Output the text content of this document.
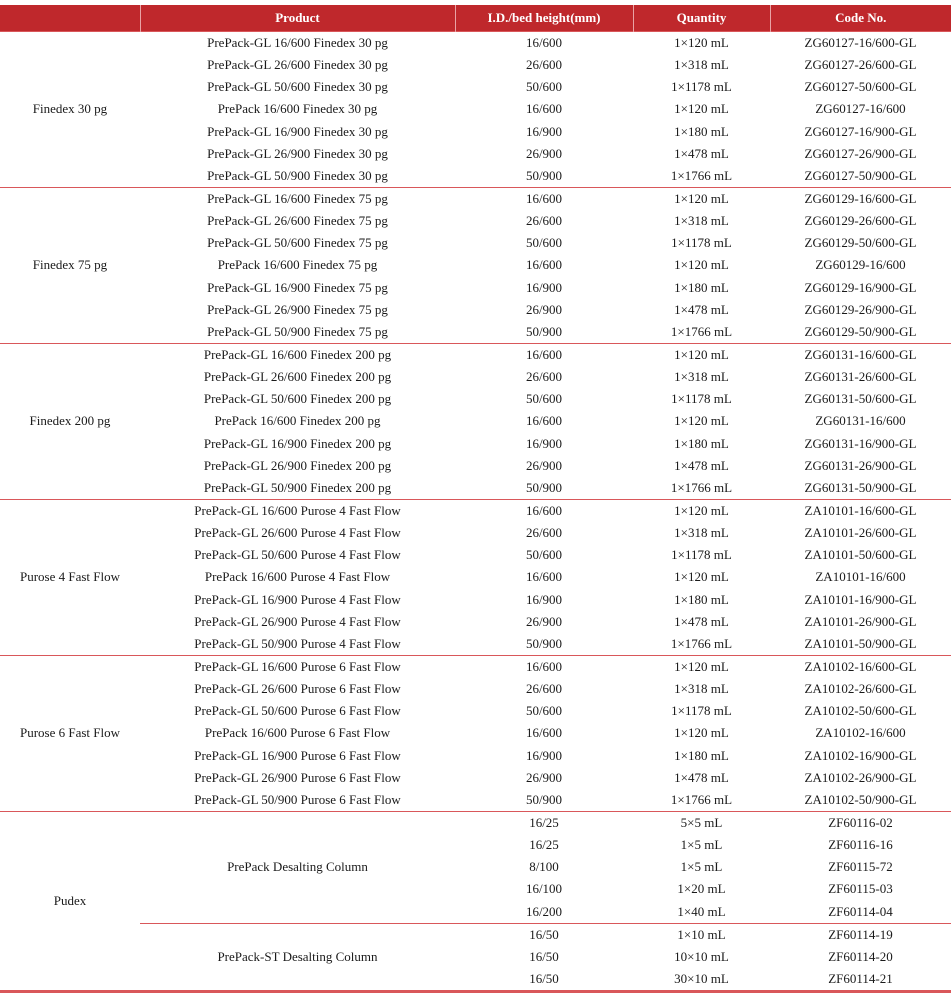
	Product	I.D./bed height(mm)	Quantity	Code No.
Finedex 30 pg	PrePack-GL 16/600 Finedex 30 pg	16/600	1×120 mL	ZG60127-16/600-GL
	PrePack-GL 26/600 Finedex 30 pg	26/600	1×318 mL	ZG60127-26/600-GL
	PrePack-GL 50/600 Finedex 30 pg	50/600	1×1178 mL	ZG60127-50/600-GL
	PrePack 16/600 Finedex 30 pg	16/600	1×120 mL	ZG60127-16/600
	PrePack-GL 16/900 Finedex 30 pg	16/900	1×180 mL	ZG60127-16/900-GL
	PrePack-GL 26/900 Finedex 30 pg	26/900	1×478 mL	ZG60127-26/900-GL
	PrePack-GL 50/900 Finedex 30 pg	50/900	1×1766 mL	ZG60127-50/900-GL
Finedex 75 pg	PrePack-GL 16/600 Finedex 75 pg	16/600	1×120 mL	ZG60129-16/600-GL
	PrePack-GL 26/600 Finedex 75 pg	26/600	1×318 mL	ZG60129-26/600-GL
	PrePack-GL 50/600 Finedex 75 pg	50/600	1×1178 mL	ZG60129-50/600-GL
	PrePack 16/600 Finedex 75 pg	16/600	1×120 mL	ZG60129-16/600
	PrePack-GL 16/900 Finedex 75 pg	16/900	1×180 mL	ZG60129-16/900-GL
	PrePack-GL 26/900 Finedex 75 pg	26/900	1×478 mL	ZG60129-26/900-GL
	PrePack-GL 50/900 Finedex 75 pg	50/900	1×1766 mL	ZG60129-50/900-GL
Finedex 200 pg	PrePack-GL 16/600 Finedex 200 pg	16/600	1×120 mL	ZG60131-16/600-GL
	PrePack-GL 26/600 Finedex 200 pg	26/600	1×318 mL	ZG60131-26/600-GL
	PrePack-GL 50/600 Finedex 200 pg	50/600	1×1178 mL	ZG60131-50/600-GL
	PrePack 16/600 Finedex 200 pg	16/600	1×120 mL	ZG60131-16/600
	PrePack-GL 16/900 Finedex 200 pg	16/900	1×180 mL	ZG60131-16/900-GL
	PrePack-GL 26/900 Finedex 200 pg	26/900	1×478 mL	ZG60131-26/900-GL
	PrePack-GL 50/900 Finedex 200 pg	50/900	1×1766 mL	ZG60131-50/900-GL
Purose 4 Fast Flow	PrePack-GL 16/600 Purose 4 Fast Flow	16/600	1×120 mL	ZA10101-16/600-GL
	PrePack-GL 26/600 Purose 4 Fast Flow	26/600	1×318 mL	ZA10101-26/600-GL
	PrePack-GL 50/600 Purose 4 Fast Flow	50/600	1×1178 mL	ZA10101-50/600-GL
	PrePack 16/600 Purose 4 Fast Flow	16/600	1×120 mL	ZA10101-16/600
	PrePack-GL 16/900 Purose 4 Fast Flow	16/900	1×180 mL	ZA10101-16/900-GL
	PrePack-GL 26/900 Purose 4 Fast Flow	26/900	1×478 mL	ZA10101-26/900-GL
	PrePack-GL 50/900 Purose 4 Fast Flow	50/900	1×1766 mL	ZA10101-50/900-GL
Purose 6 Fast Flow	PrePack-GL 16/600 Purose 6 Fast Flow	16/600	1×120 mL	ZA10102-16/600-GL
	PrePack-GL 26/600 Purose 6 Fast Flow	26/600	1×318 mL	ZA10102-26/600-GL
	PrePack-GL 50/600 Purose 6 Fast Flow	50/600	1×1178 mL	ZA10102-50/600-GL
	PrePack 16/600 Purose 6 Fast Flow	16/600	1×120 mL	ZA10102-16/600
	PrePack-GL 16/900 Purose 6 Fast Flow	16/900	1×180 mL	ZA10102-16/900-GL
	PrePack-GL 26/900 Purose 6 Fast Flow	26/900	1×478 mL	ZA10102-26/900-GL
	PrePack-GL 50/900 Purose 6 Fast Flow	50/900	1×1766 mL	ZA10102-50/900-GL
Pudex	PrePack Desalting Column	16/25	5×5 mL	ZF60116-02
		16/25	1×5 mL	ZF60116-16
		8/100	1×5 mL	ZF60115-72
		16/100	1×20 mL	ZF60115-03
		16/200	1×40 mL	ZF60114-04
	PrePack-ST Desalting Column	16/50	1×10 mL	ZF60114-19
		16/50	10×10 mL	ZF60114-20
		16/50	30×10 mL	ZF60114-21
